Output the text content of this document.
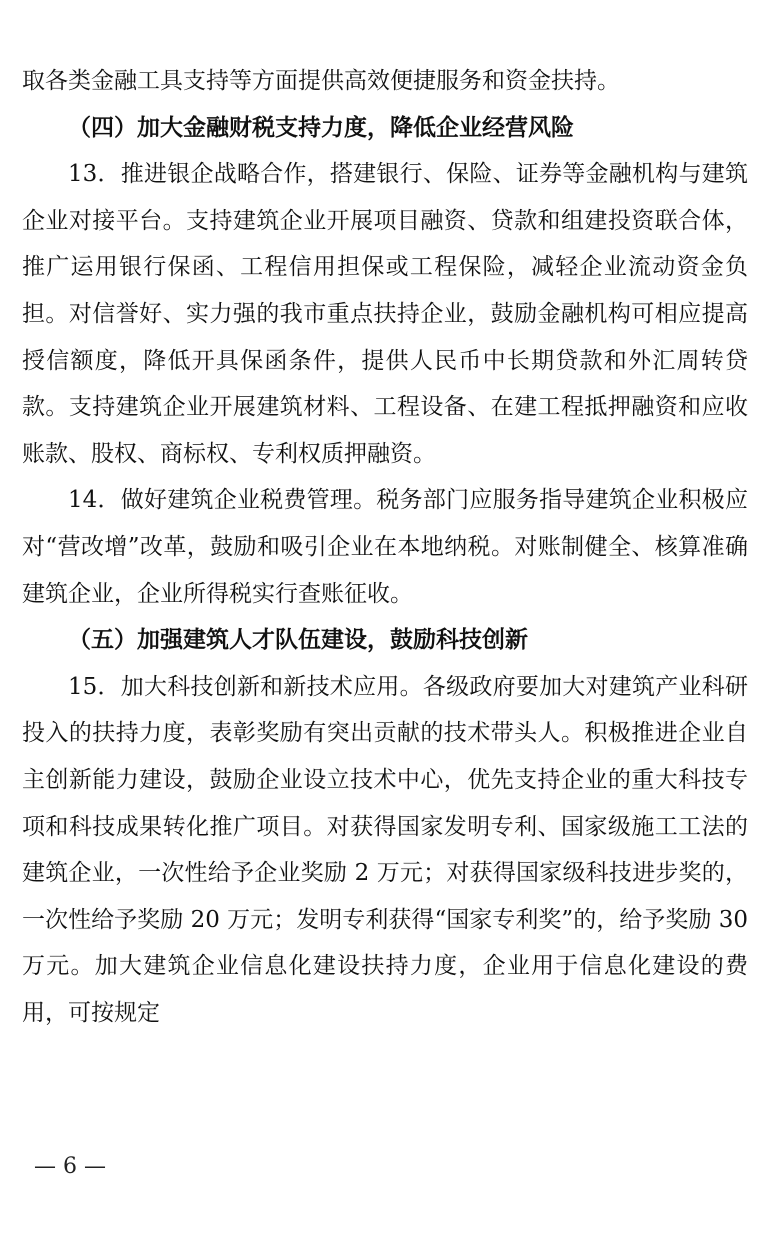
取各类金融工具支持等方面提供高效便捷服务和资金扶持。

（四）加大金融财税支持力度，降低企业经营风险

13．推进银企战略合作，搭建银行、保险、证券等金融机构与建筑企业对接平台。支持建筑企业开展项目融资、贷款和组建投资联合体，推广运用银行保函、工程信用担保或工程保险，减轻企业流动资金负担。对信誉好、实力强的我市重点扶持企业，鼓励金融机构可相应提高授信额度，降低开具保函条件，提供人民币中长期贷款和外汇周转贷款。支持建筑企业开展建筑材料、工程设备、在建工程抵押融资和应收账款、股权、商标权、专利权质押融资。

14．做好建筑企业税费管理。税务部门应服务指导建筑企业积极应对“营改增”改革，鼓励和吸引企业在本地纳税。对账制健全、核算准确建筑企业，企业所得税实行查账征收。

（五）加强建筑人才队伍建设，鼓励科技创新

15．加大科技创新和新技术应用。各级政府要加大对建筑产业科研投入的扶持力度，表彰奖励有突出贡献的技术带头人。积极推进企业自主创新能力建设，鼓励企业设立技术中心，优先支持企业的重大科技专项和科技成果转化推广项目。对获得国家发明专利、国家级施工工法的建筑企业，一次性给予企业奖励 2 万元；对获得国家级科技进步奖的，一次性给予奖励 20 万元；发明专利获得“国家专利奖”的，给予奖励 30 万元。加大建筑企业信息化建设扶持力度，企业用于信息化建设的费用，可按规定

— 6 —
